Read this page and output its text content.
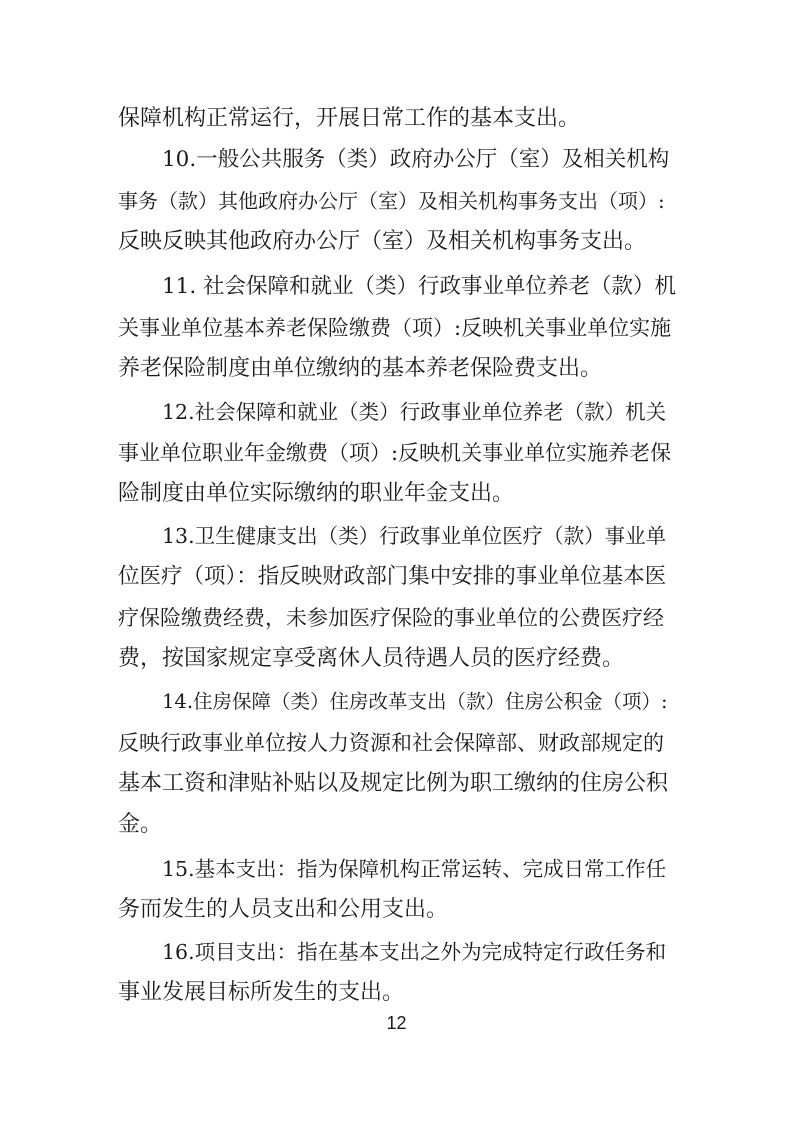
保障机构正常运行，开展日常工作的基本支出。
10.一般公共服务（类）政府办公厅（室）及相关机构
事务（款）其他政府办公厅（室）及相关机构事务支出（项）:
反映反映其他政府办公厅（室）及相关机构事务支出。
11. 社会保障和就业（类）行政事业单位养老（款）机
关事业单位基本养老保险缴费（项）:反映机关事业单位实施
养老保险制度由单位缴纳的基本养老保险费支出。
12.社会保障和就业（类）行政事业单位养老（款）机关
事业单位职业年金缴费（项）:反映机关事业单位实施养老保
险制度由单位实际缴纳的职业年金支出。
13.卫生健康支出（类）行政事业单位医疗（款）事业单
位医疗（项）：指反映财政部门集中安排的事业单位基本医
疗保险缴费经费，未参加医疗保险的事业单位的公费医疗经
费，按国家规定享受离休人员待遇人员的医疗经费。
14.住房保障（类）住房改革支出（款）住房公积金（项）:
反映行政事业单位按人力资源和社会保障部、财政部规定的
基本工资和津贴补贴以及规定比例为职工缴纳的住房公积
金。
15.基本支出：指为保障机构正常运转、完成日常工作任
务而发生的人员支出和公用支出。
16.项目支出：指在基本支出之外为完成特定行政任务和
事业发展目标所发生的支出。
12
